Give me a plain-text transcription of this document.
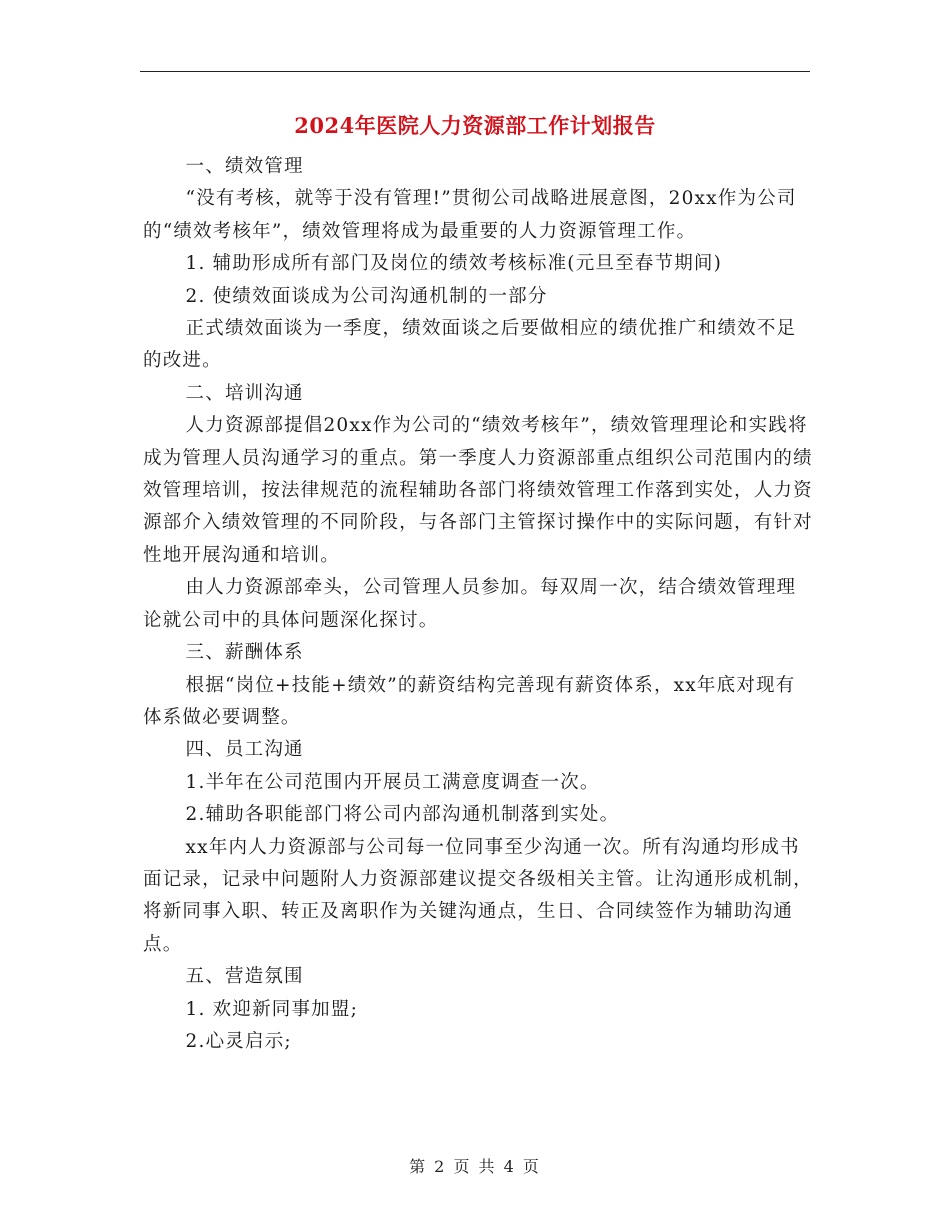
2024年医院人力资源部工作计划报告

一、绩效管理

“没有考核，就等于没有管理!”贯彻公司战略进展意图，20xx作为公司的“绩效考核年”，绩效管理将成为最重要的人力资源管理工作。

1. 辅助形成所有部门及岗位的绩效考核标准(元旦至春节期间)

2. 使绩效面谈成为公司沟通机制的一部分

正式绩效面谈为一季度，绩效面谈之后要做相应的绩优推广和绩效不足的改进。

二、培训沟通

人力资源部提倡20xx作为公司的“绩效考核年”，绩效管理理论和实践将成为管理人员沟通学习的重点。第一季度人力资源部重点组织公司范围内的绩效管理培训，按法律规范的流程辅助各部门将绩效管理工作落到实处，人力资源部介入绩效管理的不同阶段，与各部门主管探讨操作中的实际问题，有针对性地开展沟通和培训。

由人力资源部牵头，公司管理人员参加。每双周一次，结合绩效管理理论就公司中的具体问题深化探讨。

三、薪酬体系

根据“岗位+技能+绩效”的薪资结构完善现有薪资体系，xx年底对现有体系做必要调整。

四、员工沟通

1.半年在公司范围内开展员工满意度调查一次。

2.辅助各职能部门将公司内部沟通机制落到实处。

xx年内人力资源部与公司每一位同事至少沟通一次。所有沟通均形成书面记录，记录中问题附人力资源部建议提交各级相关主管。让沟通形成机制，将新同事入职、转正及离职作为关键沟通点，生日、合同续签作为辅助沟通点。

五、营造氛围

1. 欢迎新同事加盟;

2.心灵启示;

第 2 页 共 4 页
